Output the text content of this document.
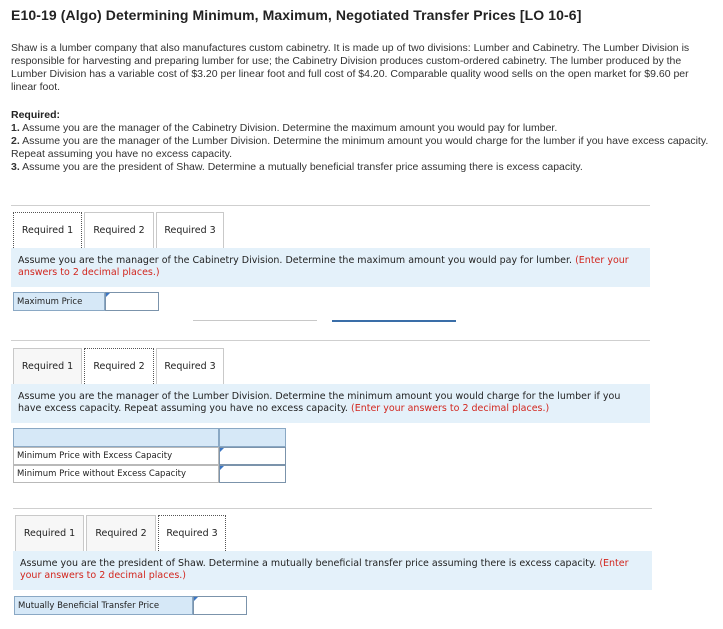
E10-19 (Algo) Determining Minimum, Maximum, Negotiated Transfer Prices [LO 10-6]
Shaw is a lumber company that also manufactures custom cabinetry. It is made up of two divisions: Lumber and Cabinetry. The Lumber Division is responsible for harvesting and preparing lumber for use; the Cabinetry Division produces custom-ordered cabinetry. The lumber produced by the Lumber Division has a variable cost of $3.20 per linear foot and full cost of $4.20. Comparable quality wood sells on the open market for $9.60 per linear foot.
Required:
1. Assume you are the manager of the Cabinetry Division. Determine the maximum amount you would pay for lumber.
2. Assume you are the manager of the Lumber Division. Determine the minimum amount you would charge for the lumber if you have excess capacity. Repeat assuming you have no excess capacity.
3. Assume you are the president of Shaw. Determine a mutually beneficial transfer price assuming there is excess capacity.
Required 1 Required 2 Required 3
Assume you are the manager of the Cabinetry Division. Determine the maximum amount you would pay for lumber. (Enter your answers to 2 decimal places.)
Maximum Price
Required 1 Required 2 Required 3
Assume you are the manager of the Lumber Division. Determine the minimum amount you would charge for the lumber if you have excess capacity. Repeat assuming you have no excess capacity. (Enter your answers to 2 decimal places.)
Minimum Price with Excess Capacity
Minimum Price without Excess Capacity
Required 1 Required 2 Required 3
Assume you are the president of Shaw. Determine a mutually beneficial transfer price assuming there is excess capacity. (Enter your answers to 2 decimal places.)
Mutually Beneficial Transfer Price
